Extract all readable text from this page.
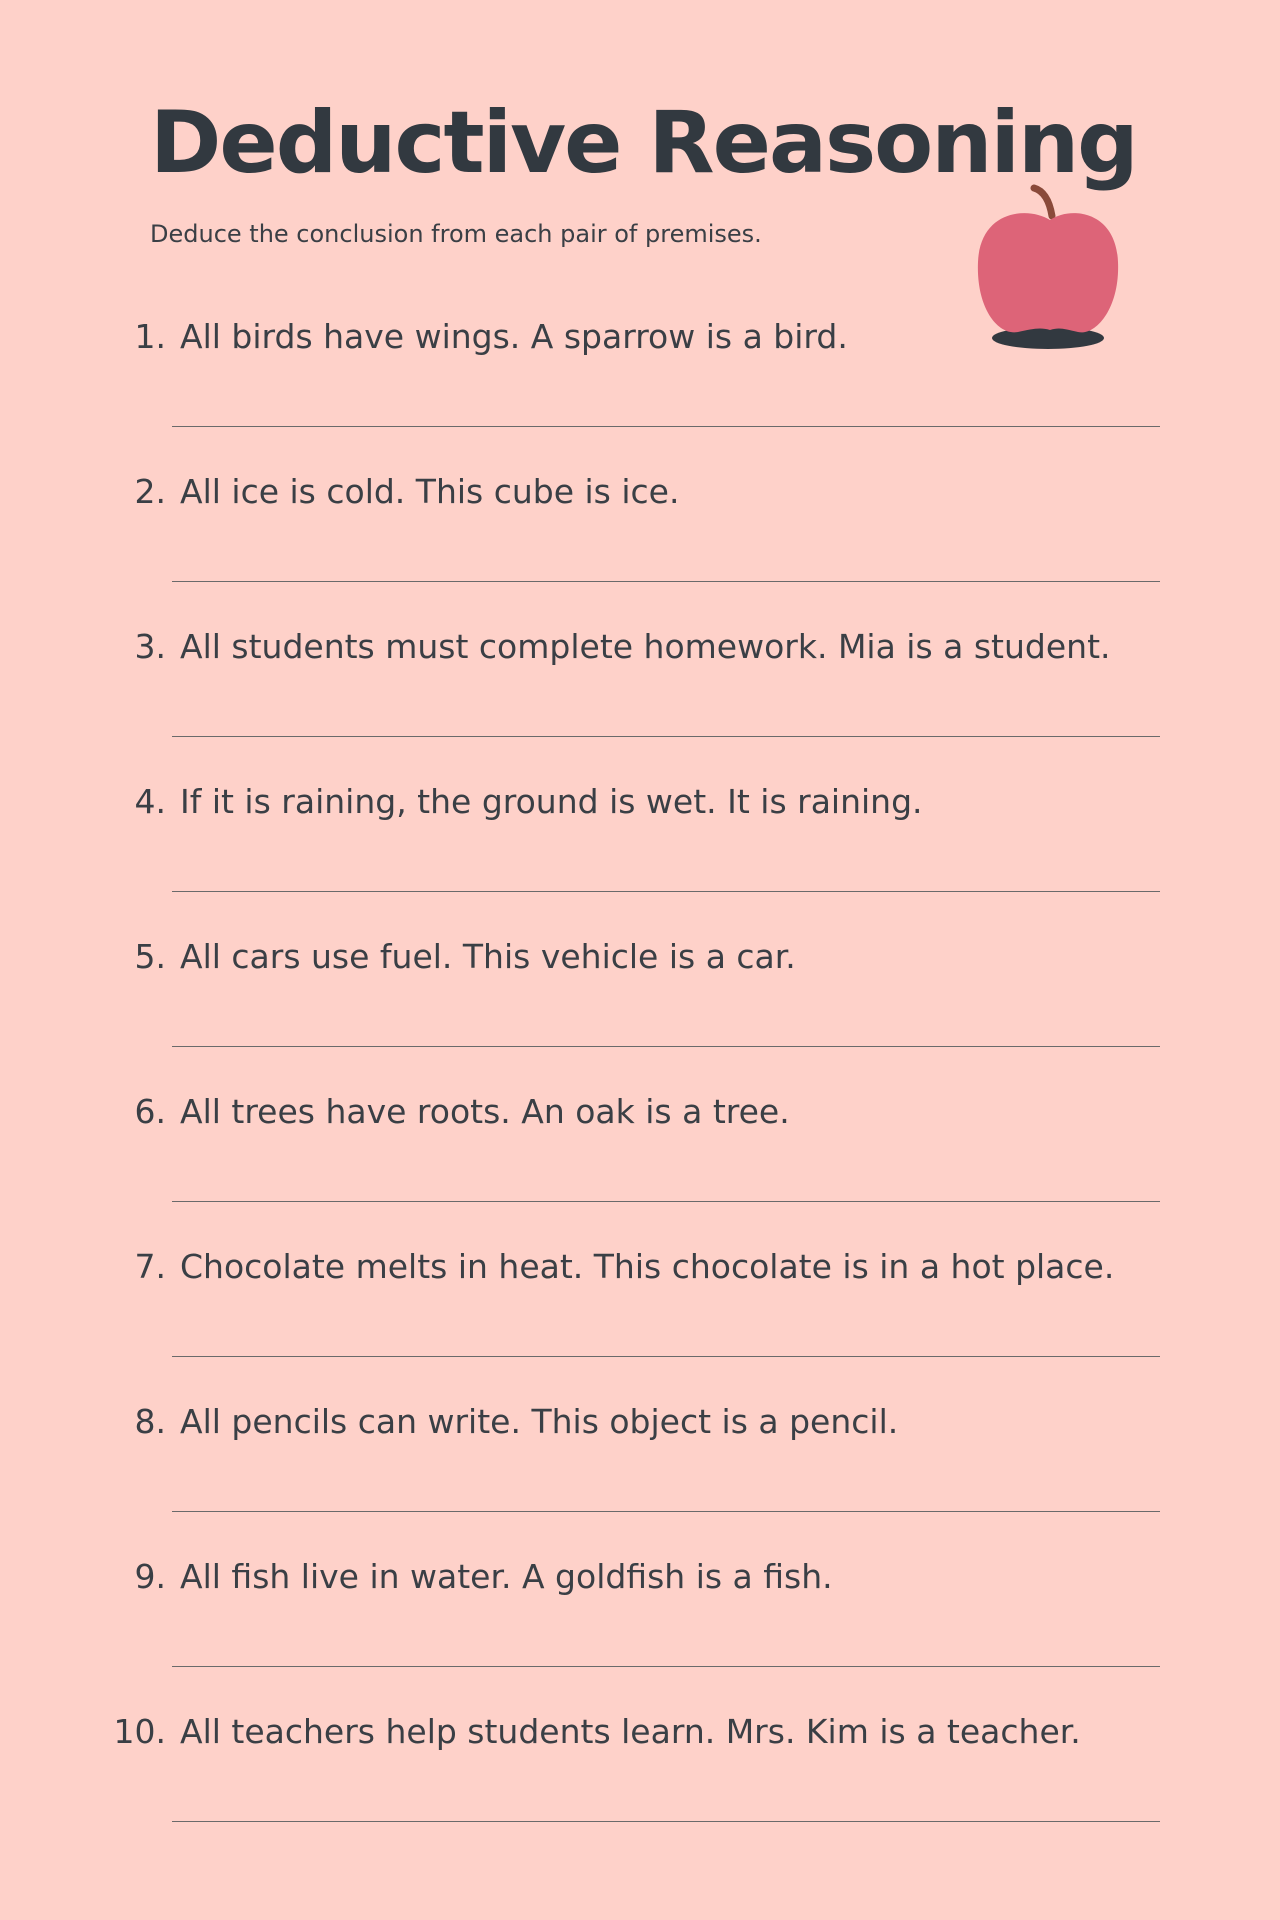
Deductive Reasoning

Deduce the conclusion from each pair of premises.

1. All birds have wings. A sparrow is a bird.
2. All ice is cold. This cube is ice.
3. All students must complete homework. Mia is a student.
4. If it is raining, the ground is wet. It is raining.
5. All cars use fuel. This vehicle is a car.
6. All trees have roots. An oak is a tree.
7. Chocolate melts in heat. This chocolate is in a hot place.
8. All pencils can write. This object is a pencil.
9. All fish live in water. A goldfish is a fish.
10. All teachers help students learn. Mrs. Kim is a teacher.
